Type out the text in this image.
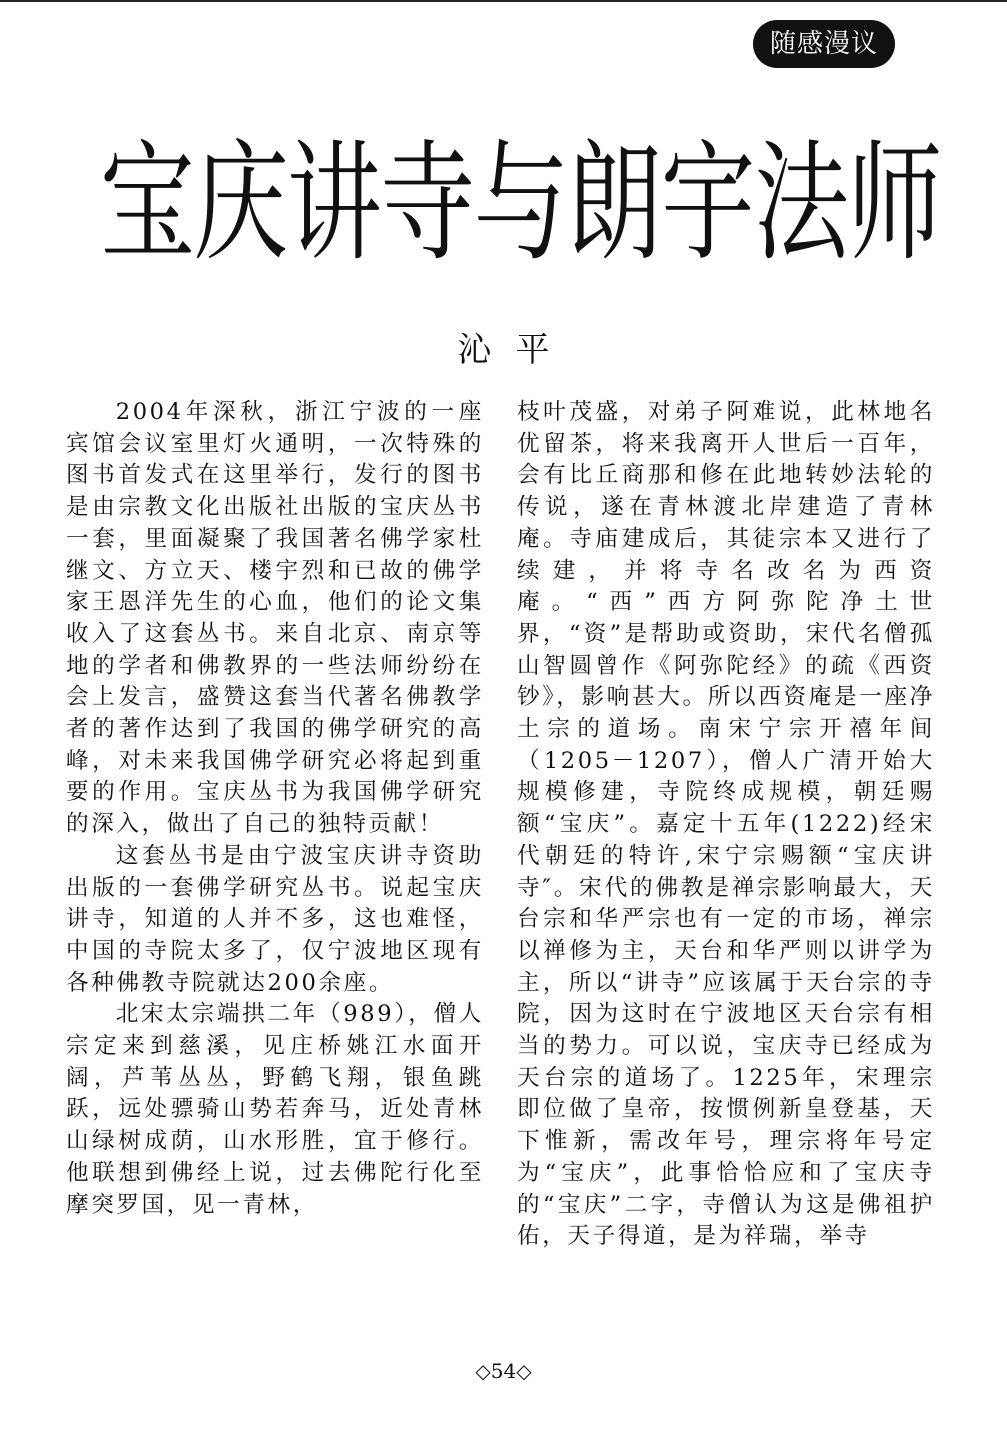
随感漫议
宝庆讲寺与朗宇法师
沁平

2004年深秋，浙江宁波的一座宾馆会议室里灯火通明，一次特殊的图书首发式在这里举行，发行的图书是由宗教文化出版社出版的宝庆丛书一套，里面凝聚了我国著名佛学家杜继文、方立天、楼宇烈和已故的佛学家王恩洋先生的心血，他们的论文集收入了这套丛书。来自北京、南京等地的学者和佛教界的一些法师纷纷在会上发言，盛赞这套当代著名佛教学者的著作达到了我国的佛学研究的高峰，对未来我国佛学研究必将起到重要的作用。宝庆丛书为我国佛学研究的深入，做出了自己的独特贡献！

这套丛书是由宁波宝庆讲寺资助出版的一套佛学研究丛书。说起宝庆讲寺，知道的人并不多，这也难怪，中国的寺院太多了，仅宁波地区现有各种佛教寺院就达200余座。

北宋太宗端拱二年（989），僧人宗定来到慈溪，见庄桥姚江水面开阔，芦苇丛丛，野鹤飞翔，银鱼跳跃，远处骠骑山势若奔马，近处青林山绿树成荫，山水形胜，宜于修行。他联想到佛经上说，过去佛陀行化至摩突罗国，见一青林，

枝叶茂盛，对弟子阿难说，此林地名优留茶，将来我离开人世后一百年，会有比丘商那和修在此地转妙法轮的传说，遂在青林渡北岸建造了青林庵。寺庙建成后，其徒宗本又进行了续建，并将寺名改名为西资庵。“西”西方阿弥陀净土世界，“资”是帮助或资助，宋代名僧孤山智圆曾作《阿弥陀经》的疏《西资钞》，影响甚大。所以西资庵是一座净土宗的道场。南宋宁宗开禧年间（1205－1207），僧人广清开始大规模修建，寺院终成规模，朝廷赐额“宝庆”。嘉定十五年(1222)经宋代朝廷的特许,宋宁宗赐额“宝庆讲寺″。宋代的佛教是禅宗影响最大，天台宗和华严宗也有一定的市场，禅宗以禅修为主，天台和华严则以讲学为主，所以“讲寺”应该属于天台宗的寺院，因为这时在宁波地区天台宗有相当的势力。可以说，宝庆寺已经成为天台宗的道场了。1225年，宋理宗即位做了皇帝，按惯例新皇登基，天下惟新，需改年号，理宗将年号定为“宝庆”，此事恰恰应和了宝庆寺的“宝庆”二字，寺僧认为这是佛祖护佑，天子得道，是为祥瑞，举寺

◇54◇
